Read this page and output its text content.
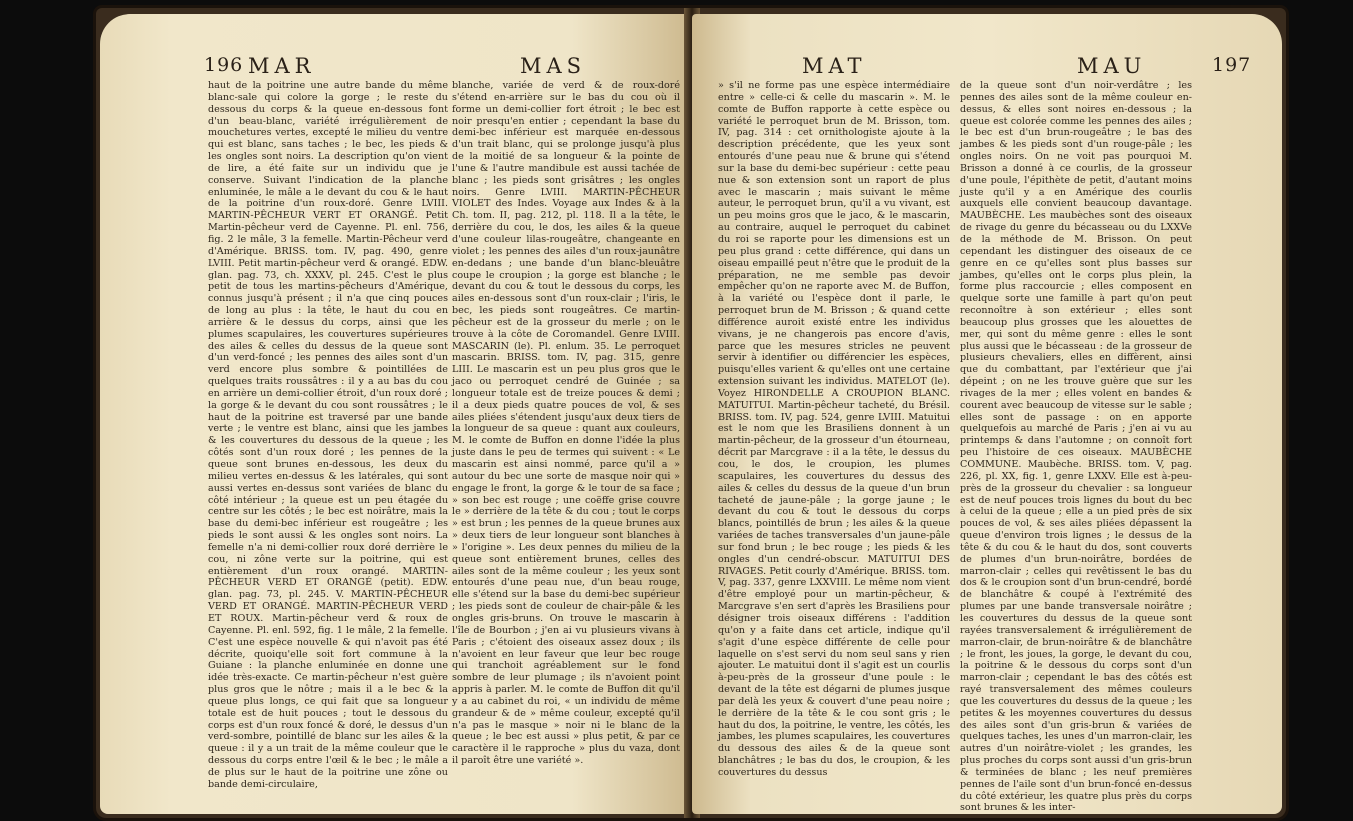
196 MAR	MAS

haut de la poitrine une autre bande du même blanc-sale qui colore la gorge ; le reste du dessous du corps & la queue en-dessous font d'un beau-blanc, variété irrégulièrement de mouchetures vertes, excepté le milieu du ventre qui est blanc, sans taches ; le bec, les pieds & les ongles sont noirs. La description qu'on vient de lire, a été faite sur un individu que je conserve. Suivant l'indication de la planche enluminée, le mâle a le devant du cou & le haut de la poitrine d'un roux-doré. Genre LVIII. MARTIN-PÊCHEUR VERT ET ORANGÉ. Petit Martin-pêcheur verd de Cayenne. Pl. enl. 756, fig. 2 le mâle, 3 la femelle. Martin-Pêcheur verd d'Amérique. BRISS. tom. IV, pag. 490, genre LVIII. Petit martin-pêcheur verd & orangé. EDW. glan. pag. 73, ch. XXXV, pl. 245. C'est le plus petit de tous les martins-pêcheurs d'Amérique, connus jusqu'à présent ; il n'a que cinq pouces de long au plus : la tête, le haut du cou en arrière & le dessus du corps, ainsi que les plumes scapulaires, les couvertures supérieures des ailes & celles du dessus de la queue sont d'un verd-foncé ; les pennes des ailes sont d'un verd encore plus sombre & pointillées de quelques traits roussâtres : il y a au bas du cou en arrière un demi-collier étroit, d'un roux doré ; la gorge & le devant du cou sont roussâtres ; le haut de la poitrine est traversé par une bande verte ; le ventre est blanc, ainsi que les jambes & les couvertures du dessous de la queue ; les côtés sont d'un roux doré ; les pennes de la queue sont brunes en-dessous, les deux du milieu vertes en-dessus & les latérales, qui sont aussi vertes en-dessus sont variées de blanc du côté intérieur ; la queue est un peu étagée du centre sur les côtés ; le bec est noirâtre, mais la base du demi-bec inférieur est rougeâtre ; les pieds le sont aussi & les ongles sont noirs. La femelle n'a ni demi-collier roux doré derrière le cou, ni zône verte sur la poitrine, qui est entièrement d'un roux orangé. MARTIN-PÊCHEUR VERD ET ORANGÉ (petit). EDW. glan. pag. 73, pl. 245. V. MARTIN-PÊCHEUR VERD ET ORANGÉ. MARTIN-PÊCHEUR VERD ET ROUX. Martin-pêcheur verd & roux de Cayenne. Pl. enl. 592, fig. 1 le mâle, 2 la femelle. C'est une espèce nouvelle & qui n'avoit pas été décrite, quoiqu'elle soit fort commune à la Guiane : la planche enluminée en donne une idée très-exacte. Ce martin-pêcheur n'est guère plus gros que le nôtre ; mais il a le bec & la queue plus longs, ce qui fait que sa longueur totale est de huit pouces ; tout le dessous du corps est d'un roux foncé & doré, le dessus d'un verd-sombre, pointillé de blanc sur les ailes & la queue : il y a un trait de la même couleur que le dessous du corps entre l'œil & le bec ; le mâle a de plus sur le haut de la poitrine une zône ou bande demi-circulaire,

blanche, variée de verd & de roux-doré s'étend en-arrière sur le bas du cou où il forme un demi-collier fort étroit ; le bec est noir presqu'en entier ; cependant la base du demi-bec inférieur est marquée en-dessous d'un trait blanc, qui se prolonge jusqu'à plus de la moitié de sa longueur & la pointe de l'une & l'autre mandibule est aussi tachée de blanc ; les pieds sont grisâtres ; les ongles noirs. Genre LVIII. MARTIN-PÊCHEUR VIOLET des Indes. Voyage aux Indes & à la Ch. tom. II, pag. 212, pl. 118. Il a la tête, le derrière du cou, le dos, les ailes & la queue d'une couleur lilas-rougeâtre, changeante en violet ; les pennes des ailes d'un roux-jaunâtre en-dedans ; une bande d'un blanc-bleuâtre coupe le croupion ; la gorge est blanche ; le devant du cou & tout le dessous du corps, les ailes en-dessous sont d'un roux-clair ; l'iris, le bec, les pieds sont rougeâtres. Ce martin-pêcheur est de la grosseur du merle ; on le trouve à la côte de Coromandel. Genre LVIII. MASCARIN (le). Pl. enlum. 35. Le perroquet mascarin. BRISS. tom. IV, pag. 315, genre LIII. Le mascarin est un peu plus gros que le jaco ou perroquet cendré de Guinée ; sa longueur totale est de treize pouces & demi ; il a deux pieds quatre pouces de vol, & ses ailes pliées s'étendent jusqu'aux deux tiers de la longueur de sa queue : quant aux couleurs, M. le comte de Buffon en donne l'idée la plus juste dans le peu de termes qui suivent : « Le mascarin est ainsi nommé, parce qu'il a » autour du bec une sorte de masque noir qui » engage le front, la gorge & le tour de sa face ; » son bec est rouge ; une coëffe grise couvre le » derrière de la tête & du cou ; tout le corps » est brun ; les pennes de la queue brunes aux » deux tiers de leur longueur sont blanches à » l'origine ». Les deux pennes du milieu de la queue sont entièrement brunes, celles des ailes sont de la même couleur ; les yeux sont entourés d'une peau nue, d'un beau rouge, elle s'étend sur la base du demi-bec supérieur ; les pieds sont de couleur de chair-pâle & les ongles gris-bruns. On trouve le mascarin à l'île de Bourbon ; j'en ai vu plusieurs vivans à Paris ; c'étoient des oiseaux assez doux ; ils n'avoient en leur faveur que leur bec rouge qui tranchoit agréablement sur le fond sombre de leur plumage ; ils n'avoient point appris à parler. M. le comte de Buffon dit qu'il y a au cabinet du roi, « un individu de même grandeur & de » même couleur, excepté qu'il n'a pas le masque » noir ni le blanc de la queue ; le bec est aussi » plus petit, & par ce caractère il le rapproche » plus du vaza, dont il paroît être une variété ».

MAT	MAU	197

» s'il ne forme pas une espèce intermédiaire entre » celle-ci & celle du mascarin ». M. le comte de Buffon rapporte à cette espèce ou variété le perroquet brun de M. Brisson, tom. IV, pag. 314 : cet ornithologiste ajoute à la description précédente, que les yeux sont entourés d'une peau nue & brune qui s'étend sur la base du demi-bec supérieur : cette peau nue & son extension sont un raport de plus avec le mascarin ; mais suivant le même auteur, le perroquet brun, qu'il a vu vivant, est un peu moins gros que le jaco, & le mascarin, au contraire, auquel le perroquet du cabinet du roi se raporte pour les dimensions est un peu plus grand : cette différence, qui dans un oiseau empaillé peut n'être que le produit de la préparation, ne me semble pas devoir empêcher qu'on ne raporte avec M. de Buffon, à la variété ou l'espèce dont il parle, le perroquet brun de M. Brisson ; & quand cette différence auroit existé entre les individus vivans, je ne changerois pas encore d'avis, parce que les mesures stricles ne peuvent servir à identifier ou différencier les espèces, puisqu'elles varient & qu'elles ont une certaine extension suivant les individus. MATELOT (le). Voyez HIRONDELLE A CROUPION BLANC. MATUITUI. Martin-pêcheur tacheté, du Brésil. BRISS. tom. IV, pag. 524, genre LVIII. Matuitui est le nom que les Brasiliens donnent à un martin-pêcheur, de la grosseur d'un étourneau, décrit par Marcgrave : il a la tête, le dessus du cou, le dos, le croupion, les plumes scapulaires, les couvertures du dessus des ailes & celles du dessus de la queue d'un brun tacheté de jaune-pâle ; la gorge jaune ; le devant du cou & tout le dessous du corps blancs, pointillés de brun ; les ailes & la queue variées de taches transversales d'un jaune-pâle sur fond brun ; le bec rouge ; les pieds & les ongles d'un cendré-obscur. MATUITUI DES RIVAGES. Petit courly d'Amérique. BRISS. tom. V, pag. 337, genre LXXVIII. Le même nom vient d'être employé pour un martin-pêcheur, & Marcgrave s'en sert d'après les Brasiliens pour désigner trois oiseaux différens : l'addition qu'on y a faite dans cet article, indique qu'il s'agit d'une espèce différente de celle pour laquelle on s'est servi du nom seul sans y rien ajouter. Le matuitui dont il s'agit est un courlis à-peu-près de la grosseur d'une poule : le devant de la tête est dégarni de plumes jusque par delà les yeux & couvert d'une peau noire ; le derrière de la tête & le cou sont gris ; le haut du dos, la poitrine, le ventre, les côtés, les jambes, les plumes scapulaires, les couvertures du dessous des ailes & de la queue sont blanchâtres ; le bas du dos, le croupion, & les couvertures du dessus

de la queue sont d'un noir-verdâtre ; les pennes des ailes sont de la même couleur en-dessus, & elles sont noires en-dessous ; la queue est colorée comme les pennes des ailes ; le bec est d'un brun-rougeâtre ; le bas des jambes & les pieds sont d'un rouge-pâle ; les ongles noirs. On ne voit pas pourquoi M. Brisson a donné à ce courlis, de la grosseur d'une poule, l'épithète de petit, d'autant moins juste qu'il y a en Amérique des courlis auxquels elle convient beaucoup davantage. MAUBÈCHE. Les maubèches sont des oiseaux de rivage du genre du bécasseau ou du LXXVe de la méthode de M. Brisson. On peut cependant les distinguer des oiseaux de ce genre en ce qu'elles sont plus basses sur jambes, qu'elles ont le corps plus plein, la forme plus raccourcie ; elles composent en quelque sorte une famille à part qu'on peut reconnoître à son extérieur ; elles sont beaucoup plus grosses que les alouettes de mer, qui sont du même genre : elles le sont plus aussi que le bécasseau : de la grosseur de plusieurs chevaliers, elles en diffèrent, ainsi que du combattant, par l'extérieur que j'ai dépeint ; on ne les trouve guère que sur les rivages de la mer ; elles volent en bandes & courent avec beaucoup de vitesse sur le sable ; elles sont de passage : on en apporte quelquefois au marché de Paris ; j'en ai vu au printemps & dans l'automne ; on connoît fort peu l'histoire de ces oiseaux. MAUBÈCHE COMMUNE. Maubèche. BRISS. tom. V, pag. 226, pl. XX, fig. 1, genre LXXV. Elle est à-peu-près de la grosseur du chevalier : sa longueur est de neuf pouces trois lignes du bout du bec à celui de la queue ; elle a un pied près de six pouces de vol, & ses ailes pliées dépassent la queue d'environ trois lignes ; le dessus de la tête & du cou & le haut du dos, sont couverts de plumes d'un brun-noirâtre, bordées de marron-clair ; celles qui revêtissent le bas du dos & le croupion sont d'un brun-cendré, bordé de blanchâtre & coupé à l'extrémité des plumes par une bande transversale noirâtre ; les couvertures du dessus de la queue sont rayées transversalement & irrégulièrement de marron-clair, de brun-noirâtre & de blanchâtre ; le front, les joues, la gorge, le devant du cou, la poitrine & le dessous du corps sont d'un marron-clair ; cependant le bas des côtés est rayé transversalement des mêmes couleurs que les couvertures du dessus de la queue ; les petites & les moyennes couvertures du dessus des ailes sont d'un gris-brun & variées de quelques taches, les unes d'un marron-clair, les autres d'un noirâtre-violet ; les grandes, les plus proches du corps sont aussi d'un gris-brun & terminées de blanc ; les neuf premières pennes de l'aile sont d'un brun-foncé en-dessus du côté extérieur, les quatre plus près du corps sont brunes & les inter-
